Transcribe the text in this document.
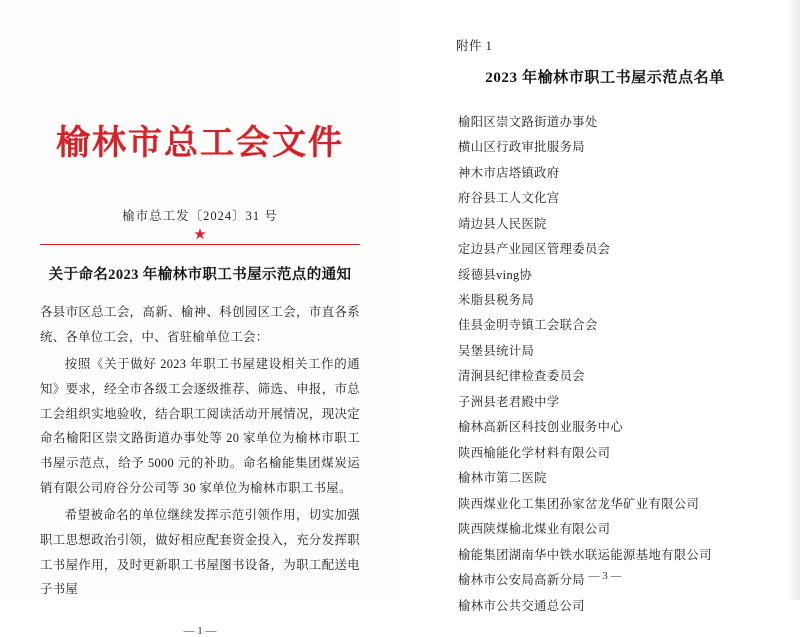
榆林市总工会文件
榆市总工发〔2024〕31 号
★
关于命名2023 年榆林市职工书屋示范点的通知

各县市区总工会，高新、榆神、科创园区工会，市直各系统、各单位工会，中、省驻榆单位工会：

按照《关于做好 2023 年职工书屋建设相关工作的通知》要求，经全市各级工会逐级推荐、筛选、申报，市总工会组织实地验收，结合职工阅读活动开展情况，现决定命名榆阳区崇文路街道办事处等 20 家单位为榆林市职工书屋示范点，给予 5000 元的补助。命名榆能集团煤炭运销有限公司府谷分公司等 30 家单位为榆林市职工书屋。

希望被命名的单位继续发挥示范引领作用，切实加强职工思想政治引领，做好相应配套资金投入，充分发挥职工书屋作用，及时更新职工书屋图书设备，为职工配送电子书屋

— 1 —
附件 1
2023 年榆林市职工书屋示范点名单
榆阳区崇文路街道办事处
横山区行政审批服务局
神木市店塔镇政府
府谷县工人文化宫
靖边县人民医院
定边县产业园区管理委员会
绥德县ving协
米脂县税务局
佳县金明寺镇工会联合会
吴堡县统计局
清涧县纪律检查委员会
子洲县老君殿中学
榆林高新区科技创业服务中心
陕西榆能化学材料有限公司
榆林市第二医院
陕西煤业化工集团孙家岔龙华矿业有限公司
陕西陕煤榆北煤业有限公司
榆能集团湖南华中铁水联运能源基地有限公司
榆林市公安局高新分局
榆林市公共交通总公司
— 3 —
